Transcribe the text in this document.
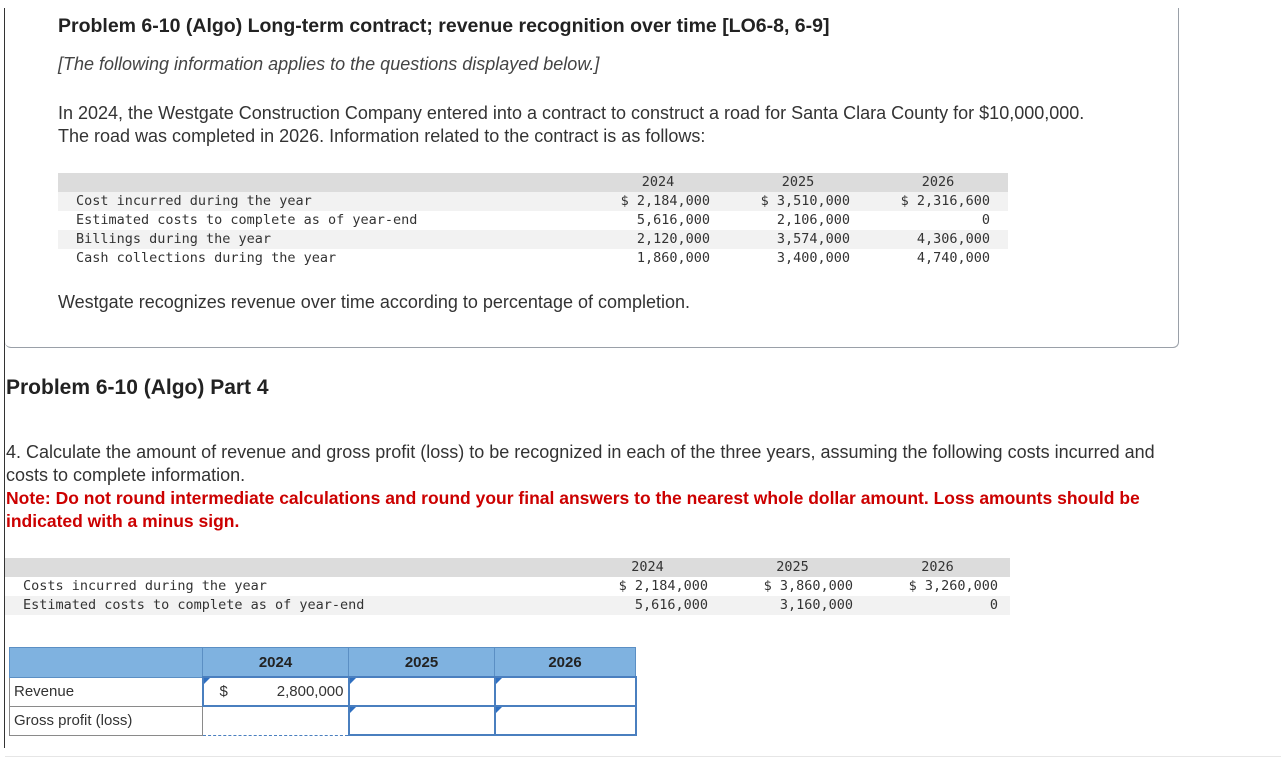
Problem 6-10 (Algo) Long-term contract; revenue recognition over time [LO6-8, 6-9]
[The following information applies to the questions displayed below.]
In 2024, the Westgate Construction Company entered into a contract to construct a road for Santa Clara County for $10,000,000. The road was completed in 2026. Information related to the contract is as follows:
	2024	2025	2026
Cost incurred during the year	$ 2,184,000	$ 3,510,000	$ 2,316,600
Estimated costs to complete as of year-end	5,616,000	2,106,000	0
Billings during the year	2,120,000	3,574,000	4,306,000
Cash collections during the year	1,860,000	3,400,000	4,740,000
Westgate recognizes revenue over time according to percentage of completion.
Problem 6-10 (Algo) Part 4
4. Calculate the amount of revenue and gross profit (loss) to be recognized in each of the three years, assuming the following costs incurred and costs to complete information.
Note: Do not round intermediate calculations and round your final answers to the nearest whole dollar amount. Loss amounts should be indicated with a minus sign.
	2024	2025	2026
Costs incurred during the year	$ 2,184,000	$ 3,860,000	$ 3,260,000
Estimated costs to complete as of year-end	5,616,000	3,160,000	0
	2024	2025	2026
Revenue	$ 2,800,000		

Gross profit (loss)		
